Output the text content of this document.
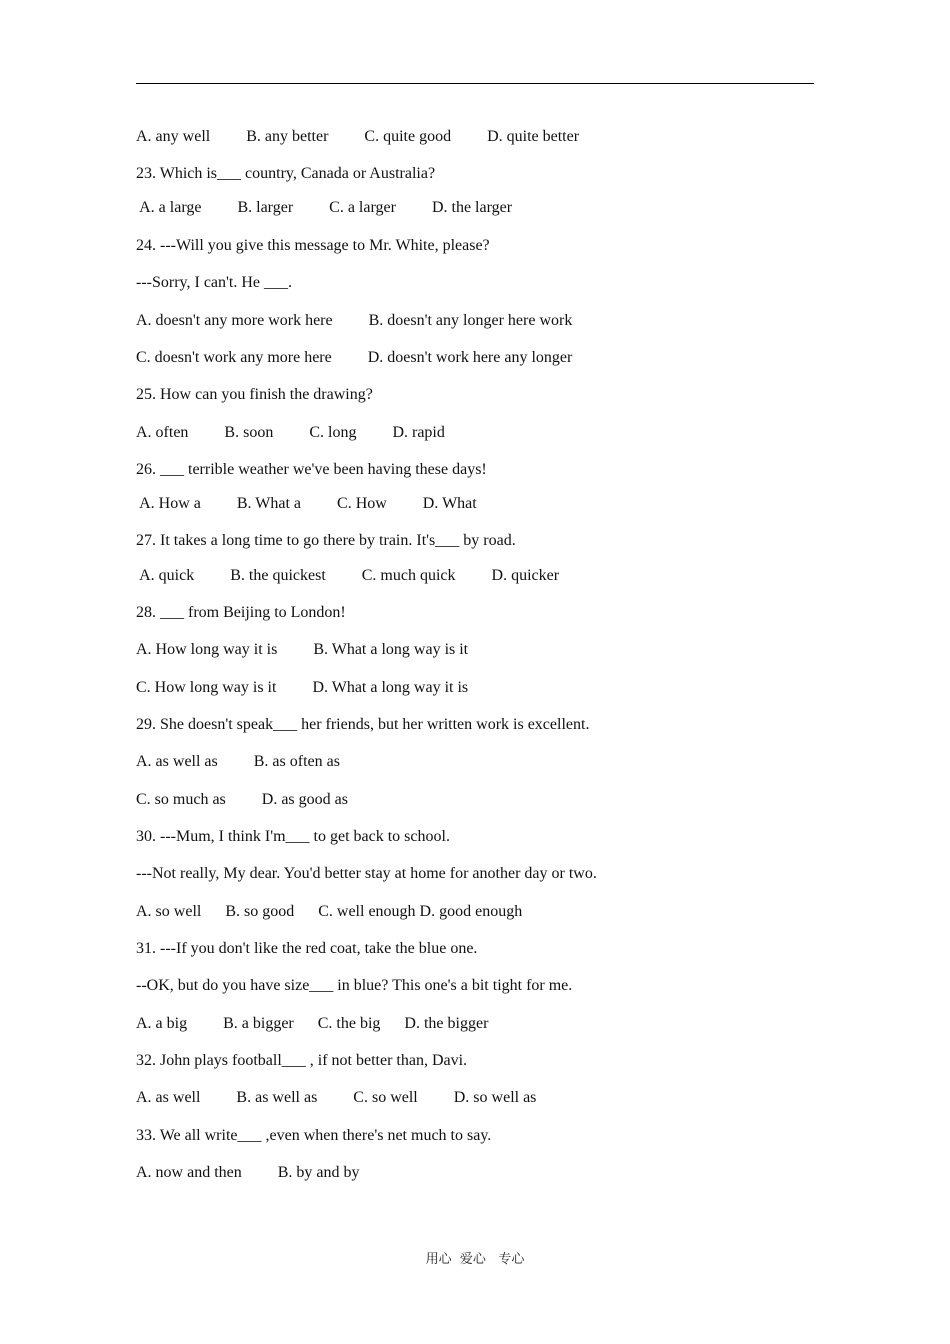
A. any well         B. any better         C. quite good         D. quite better
23. Which is___ country, Canada or Australia?
A. a large         B. larger         C. a larger         D. the larger
24. ---Will you give this message to Mr. White, please?
---Sorry, I can't. He ___.
A. doesn't any more work here         B. doesn't any longer here work
C. doesn't work any more here         D. doesn't work here any longer
25. How can you finish the drawing?
A. often         B. soon         C. long         D. rapid
26. ___ terrible weather we've been having these days!
A. How a         B. What a         C. How         D. What
27. It takes a long time to go there by train. It's___ by road.
A. quick         B. the quickest         C. much quick         D. quicker
28. ___ from Beijing to London!
A. How long way it is         B. What a long way is it
C. How long way is it         D. What a long way it is
29. She doesn't speak___ her friends, but her written work is excellent.
A. as well as         B. as often as
C. so much as         D. as good as
30. ---Mum, I think I'm___ to get back to school.
---Not really, My dear. You'd better stay at home for another day or two.
A. so well      B. so good      C. well enough D. good enough
31. ---If you don't like the red coat, take the blue one.
--OK, but do you have size___ in blue? This one's a bit tight for me.
A. a big         B. a bigger      C. the big      D. the bigger
32. John plays football___ , if not better than, Davi.
A. as well         B. as well as         C. so well         D. so well as
33. We all write___ ,even when there's net much to say.
A. now and then         B. by and by
用心  爱心   专心
